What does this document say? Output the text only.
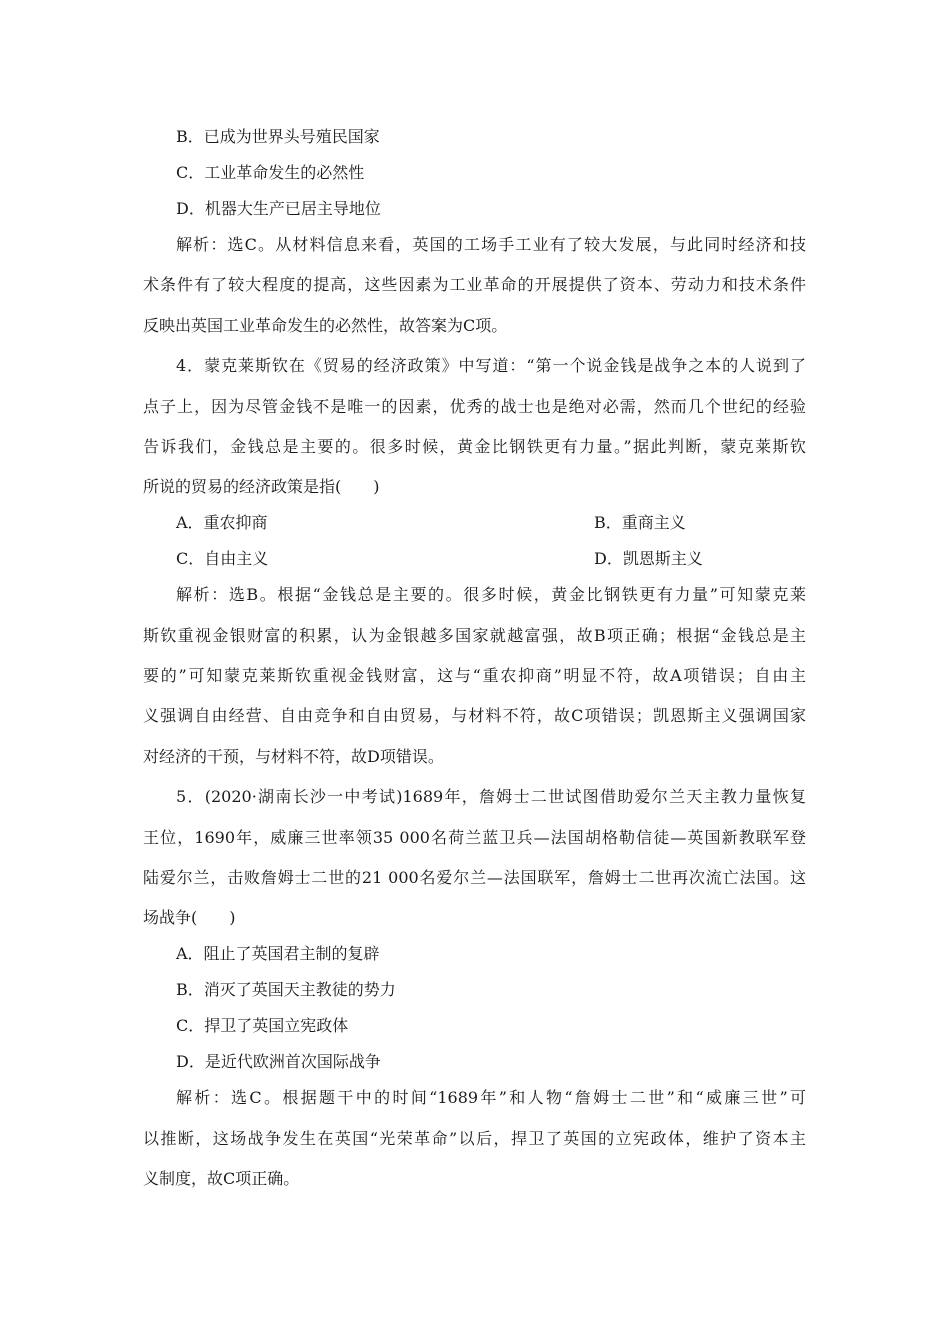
B．已成为世界头号殖民国家
C．工业革命发生的必然性
D．机器大生产已居主导地位
解析：选C。从材料信息来看，英国的工场手工业有了较大发展，与此同时经济和技
术条件有了较大程度的提高，这些因素为工业革命的开展提供了资本、劳动力和技术条件
反映出英国工业革命发生的必然性，故答案为C项。
4．蒙克莱斯钦在《贸易的经济政策》中写道：“第一个说金钱是战争之本的人说到了
点子上，因为尽管金钱不是唯一的因素，优秀的战士也是绝对必需，然而几个世纪的经验
告诉我们，金钱总是主要的。很多时候，黄金比钢铁更有力量。”据此判断，蒙克莱斯钦
所说的贸易的经济政策是指(　　)
A．重农抑商	B．重商主义
C．自由主义	D．凯恩斯主义
解析：选B。根据“金钱总是主要的。很多时候，黄金比钢铁更有力量”可知蒙克莱
斯钦重视金银财富的积累，认为金银越多国家就越富强，故B项正确；根据“金钱总是主
要的”可知蒙克莱斯钦重视金钱财富，这与“重农抑商”明显不符，故A项错误；自由主
义强调自由经营、自由竞争和自由贸易，与材料不符，故C项错误；凯恩斯主义强调国家
对经济的干预，与材料不符，故D项错误。
5．(2020·湖南长沙一中考试)1689年，詹姆士二世试图借助爱尔兰天主教力量恢复
王位，1690年，威廉三世率领35 000名荷兰蓝卫兵—法国胡格勒信徒—英国新教联军登
陆爱尔兰，击败詹姆士二世的21 000名爱尔兰—法国联军，詹姆士二世再次流亡法国。这
场战争(　　)
A．阻止了英国君主制的复辟
B．消灭了英国天主教徒的势力
C．捍卫了英国立宪政体
D．是近代欧洲首次国际战争
解析：选C。根据题干中的时间“1689年”和人物“詹姆士二世”和“威廉三世”可
以推断，这场战争发生在英国“光荣革命”以后，捍卫了英国的立宪政体，维护了资本主
义制度，故C项正确。
